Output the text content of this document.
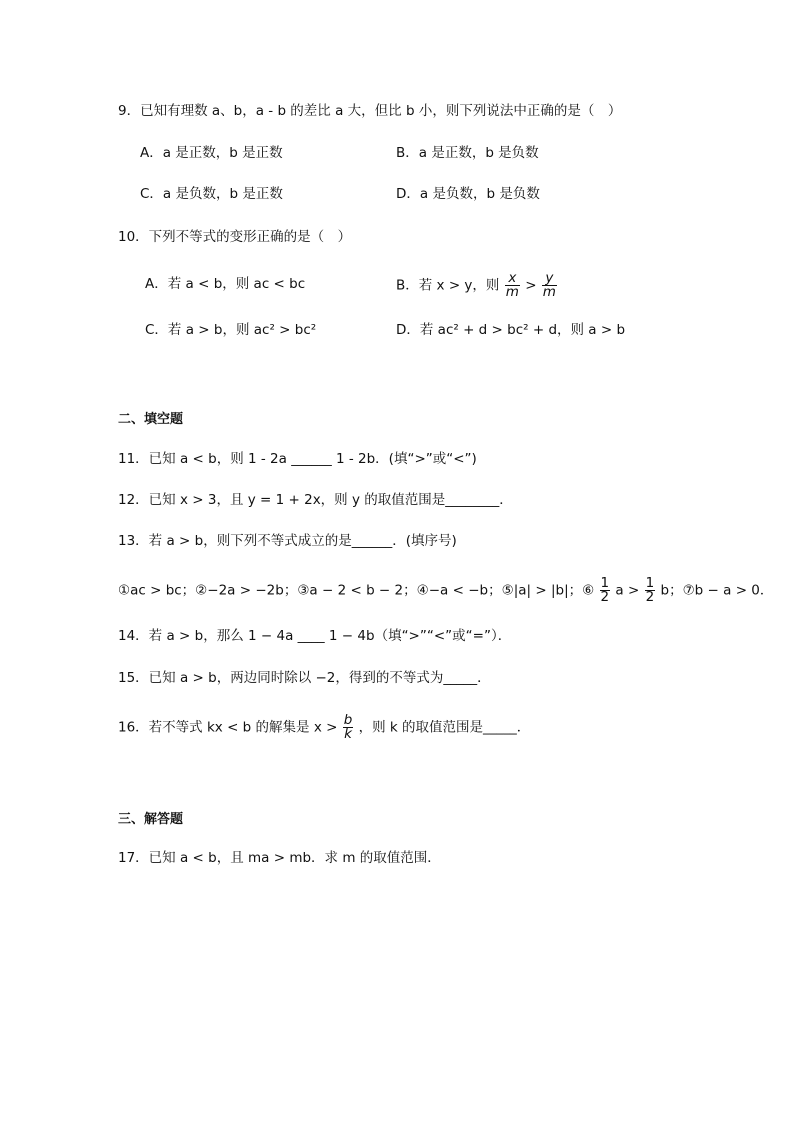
9．已知有理数 a、b，a - b 的差比 a 大，但比 b 小，则下列说法中正确的是（　）
A．a 是正数，b 是正数	B．a 是正数，b 是负数
C．a 是负数，b 是正数	D．a 是负数，b 是负数
10．下列不等式的变形正确的是（　）
A．若 a < b，则 ac < bc	B．若 x > y，则 $\frac{x}{m} > \frac{y}{m}$
C．若 a > b，则 ac² > bc²	D．若 ac² + d > bc² + d，则 a > b
二、填空题
11．已知 a < b，则 1 - 2a ______ 1 - 2b．(填“>”或“<”)
12．已知 x > 3，且 y = 1 + 2x，则 y 的取值范围是________．
13．若 a > b，则下列不等式成立的是______．(填序号)
①ac > bc；②−2a > −2b；③a − 2 < b − 2；④−a < −b；⑤|a| > |b|；⑥ $\frac{1}{2}$ $a > \frac{1}{2}$ b；⑦b − a > 0．
14．若 a > b，那么 1 − 4a ____ 1 − 4b（填“>”“<”或“=”）．
15．已知 a > b，两边同时除以 −2，得到的不等式为_____．
16．若不等式 kx < b 的解集是 $x > \frac{b}{k}$ ，则 k 的取值范围是_____．
三、解答题
17．已知 a < b，且 ma > mb．求 m 的取值范围．
